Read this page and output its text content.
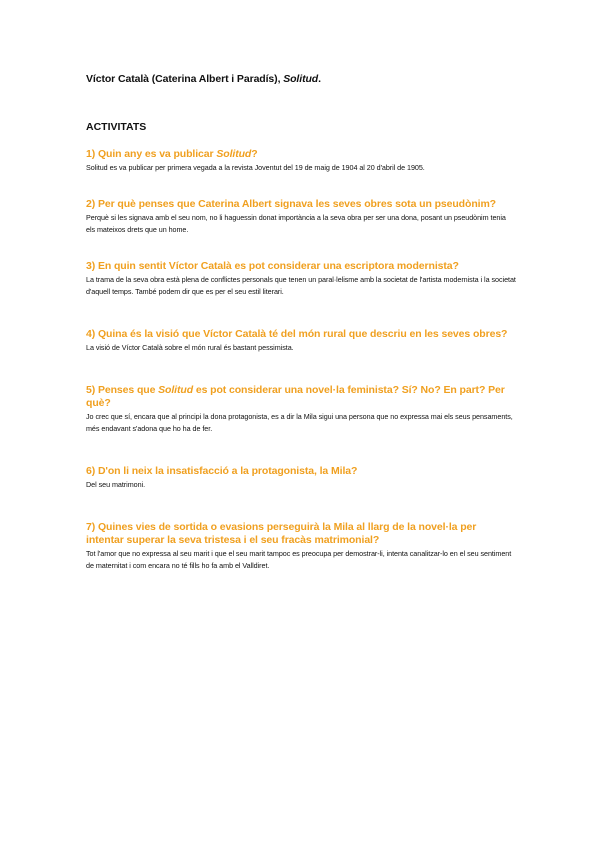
Víctor Català (Caterina Albert i Paradís), Solitud.

ACTIVITATS

1) Quin any es va publicar Solitud?

Solitud es va publicar per primera vegada a la revista Joventut del 19 de maig de 1904 al 20 d'abril de 1905.

2) Per què penses que Caterina Albert signava les seves obres sota un pseudònim?

Perquè si les signava amb el seu nom, no li haguessin donat importància a la seva obra per ser una dona, posant un pseudònim tenia els mateixos drets que un home.

3) En quin sentit Víctor Català es pot considerar una escriptora modernista?

La trama de la seva obra està plena de conflictes personals que tenen un paral·lelisme amb la societat de l'artista modernista i la societat d'aquell temps. També podem dir que es per el seu estil literari.

4) Quina és la visió que Víctor Català té del món rural que descriu en les seves obres?

La visió de Víctor Català sobre el món rural és bastant pessimista.

5) Penses que Solitud es pot considerar una novel·la feminista? Sí? No? En part? Per què?

Jo crec que sí, encara que al principi la dona protagonista, es a dir la Mila sigui una persona que no expressa mai els seus pensaments, més endavant s'adona que ho ha de fer.

6) D'on li neix la insatisfacció a la protagonista, la Mila?

Del seu matrimoni.

7) Quines vies de sortida o evasions perseguirà la Mila al llarg de la novel·la per intentar superar la seva tristesa i el seu fracàs matrimonial?

Tot l'amor que no expressa al seu marit i que el seu marit tampoc es preocupa per demostrar-li, intenta canalitzar-lo en el seu sentiment de maternitat i com encara no té fills ho fa amb el Valldiret.
